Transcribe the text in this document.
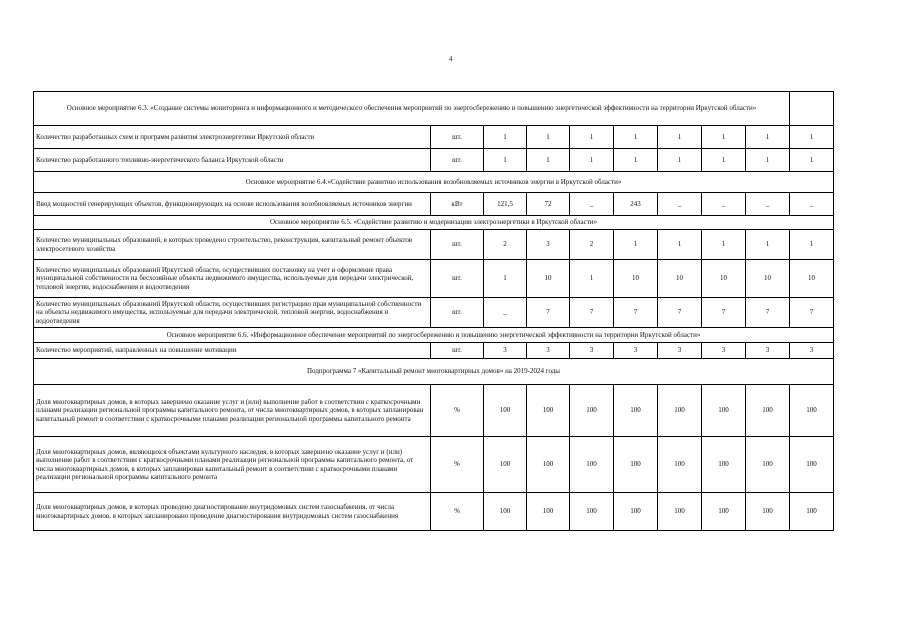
4
Основное мероприятие 6.3. «Создание системы мониторинга и информационного и методического обеспечения мероприятий по энергосбережению и повышению энергетической эффективности на территории Иркутской области»									
Количество разработанных схем и программ развития электроэнергетики Иркутской области	шт.	1	1	1	1	1	1	1	1
Количество разработанного топливно-энергетического баланса Иркутской области	шт.	1	1	1	1	1	1	1	1
Основное мероприятие 6.4.«Содействие развитию использования возобновляемых источников энергии в Иркутской области»									
Ввод мощностей генерирующих объектов, функционирующих на основе использования возобновляемых источников энергии	кВт	121,5	72	_	243	_	_	_	_
Основное мероприятие 6.5. «Содействие развитию и модернизации электроэнергетики в Иркутской области»									
Количество муниципальных образований, в которых проведено строительство, реконструкция, капитальный ремонт объектов электросетевого хозяйства	шт.	2	3	2	1	1	1	1	1
Количество муниципальных образований Иркутской области, осуществивших постановку на учет и оформление права муниципальной собственности на бесхозяйные объекты недвижимого имущества, используемые для передачи электрической, тепловой энергии, водоснабжения и водоотведения	шт.	1	10	1	10	10	10	10	10
Количество муниципальных образований Иркутской области, осуществивших регистрацию прав муниципальной собственности на объекты недвижимого имущества, используемые для передачи электрической, тепловой энергии, водоснабжения и водоотведения	шт.	_	7	7	7	7	7	7	7
Основное мероприятие 6.6. «Информационное обеспечение мероприятий по энергосбережению и повышению энергетической эффективности на территории Иркутской области»									
Количество мероприятий, направленных на повышение мотивации	шт.	3	3	3	3	3	3	3	3
Подпрограмма 7 «Капитальный ремонт многоквартирных домов» на 2019-2024 годы									
Доля многоквартирных домов, в которых завершено оказание услуг и (или) выполнение работ в соответствии с краткосрочными планами реализации региональной программы капитального ремонта, от числа многоквартирных домов, в которых запланирован капитальный ремонт в соответствии с краткосрочными планами реализации региональной программы капитального ремонта	%	100	100	100	100	100	100	100	100
Доля многоквартирных домов, являющихся объектами культурного наследия, в которых завершено оказание услуг и (или) выполнение работ в соответствии с краткосрочными планами реализации региональной программы капитального ремонта, от числа многоквартирных домов, в которых запланирован капитальный ремонт в соответствии с краткосрочными планами реализации региональной программы капитального ремонта	%	100	100	100	100	100	100	100	100
Доля многоквартирных домов, в которых проведено диагностирование внутридомовых систем газоснабжения, от числа многоквартирных домов, в которых запланировано проведение диагностирования внутридомовых систем газоснабжения	%	100	100	100	100	100	100	100	100
